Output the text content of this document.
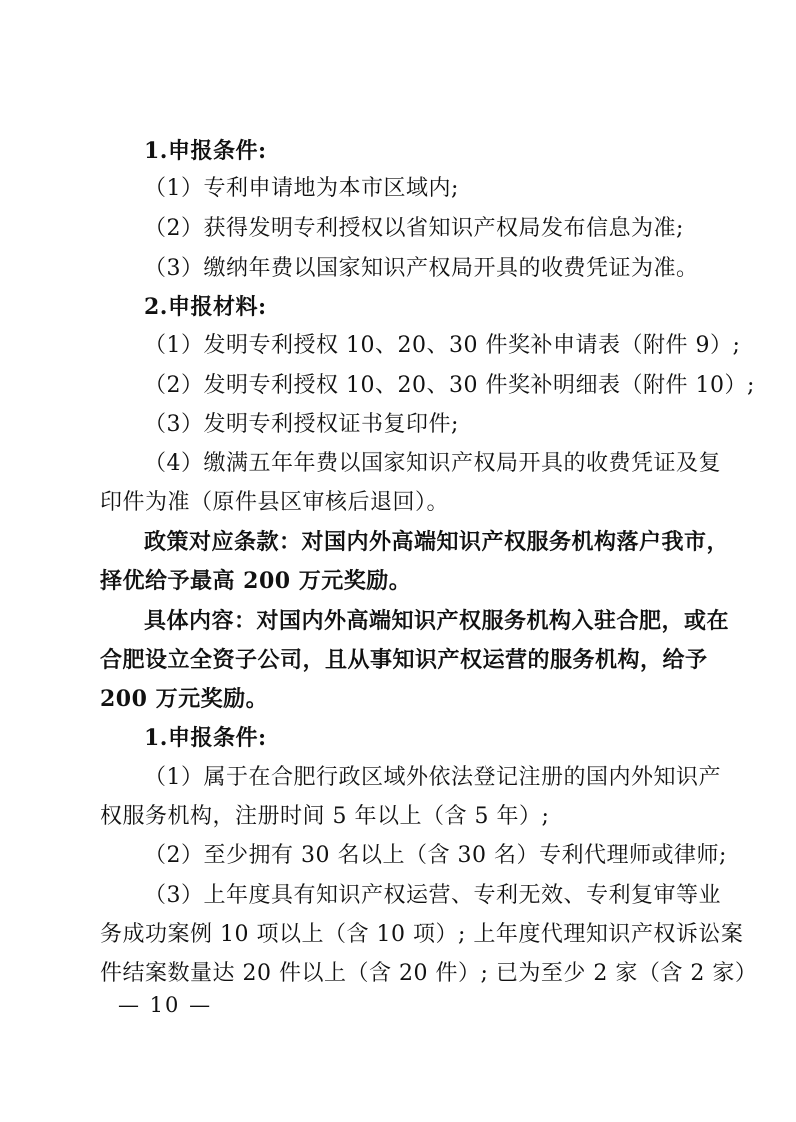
1.申报条件:
（1）专利申请地为本市区域内;
（2）获得发明专利授权以省知识产权局发布信息为准;
（3）缴纳年费以国家知识产权局开具的收费凭证为准。
2.申报材料:
（1）发明专利授权 10、20、30 件奖补申请表（附件 9）;
（2）发明专利授权 10、20、30 件奖补明细表（附件 10）;
（3）发明专利授权证书复印件;
（4）缴满五年年费以国家知识产权局开具的收费凭证及复
印件为准（原件县区审核后退回）。
政策对应条款：对国内外高端知识产权服务机构落户我市，
择优给予最高 200 万元奖励。
具体内容：对国内外高端知识产权服务机构入驻合肥，或在
合肥设立全资子公司，且从事知识产权运营的服务机构，给予
200 万元奖励。
1.申报条件:
（1）属于在合肥行政区域外依法登记注册的国内外知识产
权服务机构，注册时间 5 年以上（含 5 年）;
（2）至少拥有 30 名以上（含 30 名）专利代理师或律师;
（3）上年度具有知识产权运营、专利无效、专利复审等业
务成功案例 10 项以上（含 10 项）; 上年度代理知识产权诉讼案
件结案数量达 20 件以上（含 20 件）; 已为至少 2 家（含 2 家）
— 10 —
